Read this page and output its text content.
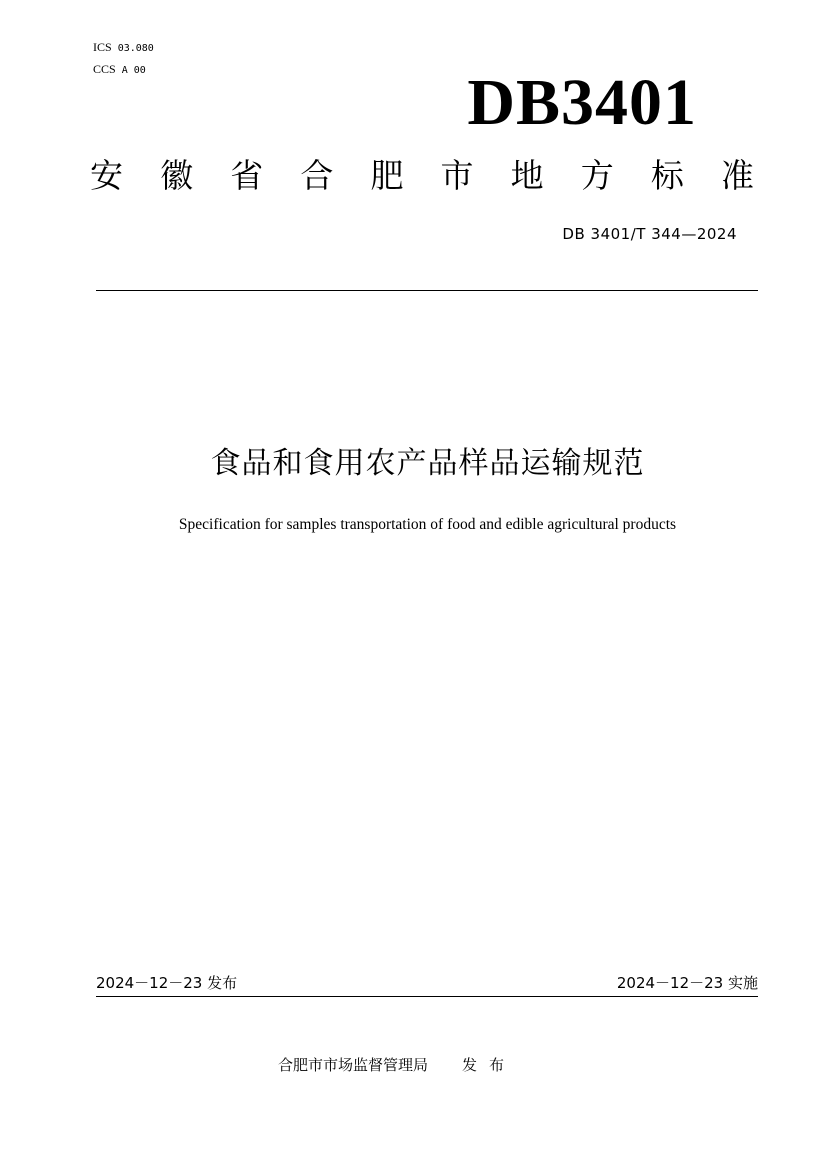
ICS 03.080
CCS A 00	DB3401
安 徽 省 合 肥 市 地 方 标 准
DB 3401/T 344—2024
食品和食用农产品样品运输规范
Specification for samples transportation of food and edible agricultural products
2024－12－23 发布	2024－12－23 实施
合肥市市场监督管理局 发布
